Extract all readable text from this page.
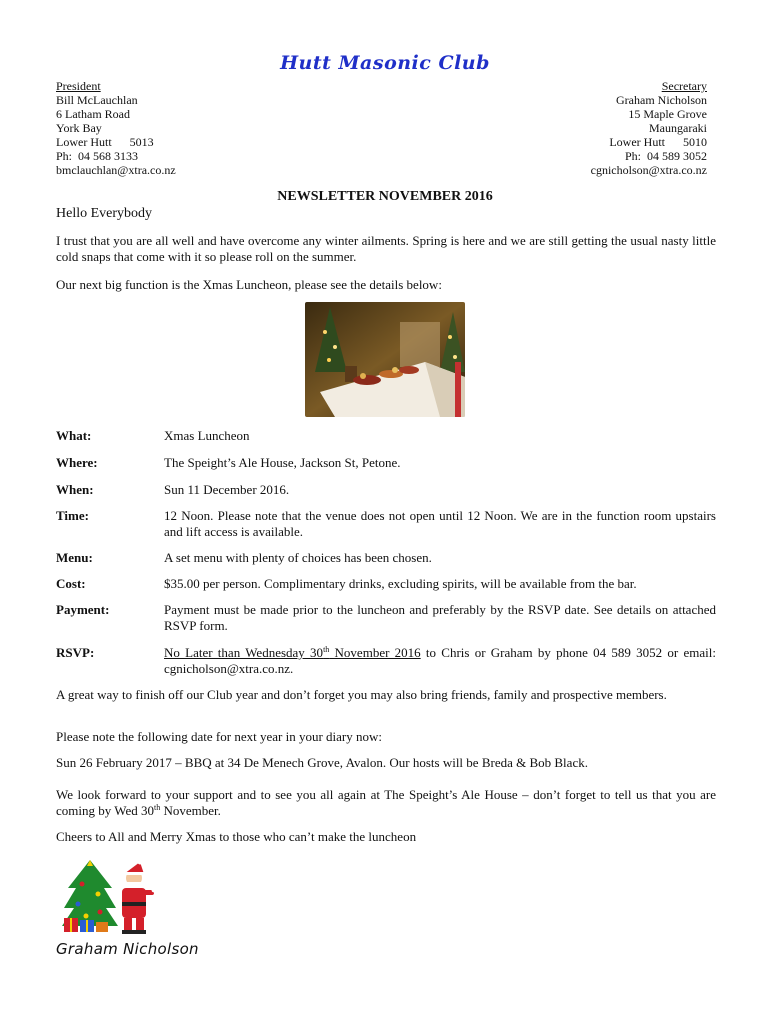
Hutt Masonic Club
President
Bill McLauchlan
6 Latham Road
York Bay
Lower Hutt      5013
Ph:  04 568 3133
bmclauchlan@xtra.co.nz
Secretary
Graham Nicholson
15 Maple Grove
Maungaraki
Lower Hutt      5010
Ph:  04 589 3052
cgnicholson@xtra.co.nz
NEWSLETTER NOVEMBER 2016
Hello Everybody
I trust that you are all well and have overcome any winter ailments. Spring is here and we are still getting the usual nasty little cold snaps that come with it so please roll on the summer.
Our next big function is the Xmas Luncheon, please see the details below:
What:	Xmas Luncheon
Where:	The Speight’s Ale House, Jackson St, Petone.
When:	Sun 11 December 2016.
Time:	12 Noon. Please note that the venue does not open until 12 Noon. We are in the function room upstairs and lift access is available.
Menu:	A set menu with plenty of choices has been chosen.
Cost:	$35.00 per person. Complimentary drinks, excluding spirits, will be available from the bar.
Payment:	Payment must be made prior to the luncheon and preferably by the RSVP date. See details on attached RSVP form.
RSVP:	No Later than Wednesday 30th November 2016 to Chris or Graham by phone 04 589 3052 or email: cgnicholson@xtra.co.nz.
A great way to finish off our Club year and don’t forget you may also bring friends, family and prospective members.
Please note the following date for next year in your diary now:
Sun 26 February 2017 – BBQ at 34 De Menech Grove, Avalon. Our hosts will be Breda & Bob Black.
We look forward to your support and to see you all again at The Speight’s Ale House – don’t forget to tell us that you are coming by Wed 30th November.
Cheers to All and Merry Xmas to those who can’t make the luncheon
Graham Nicholson
